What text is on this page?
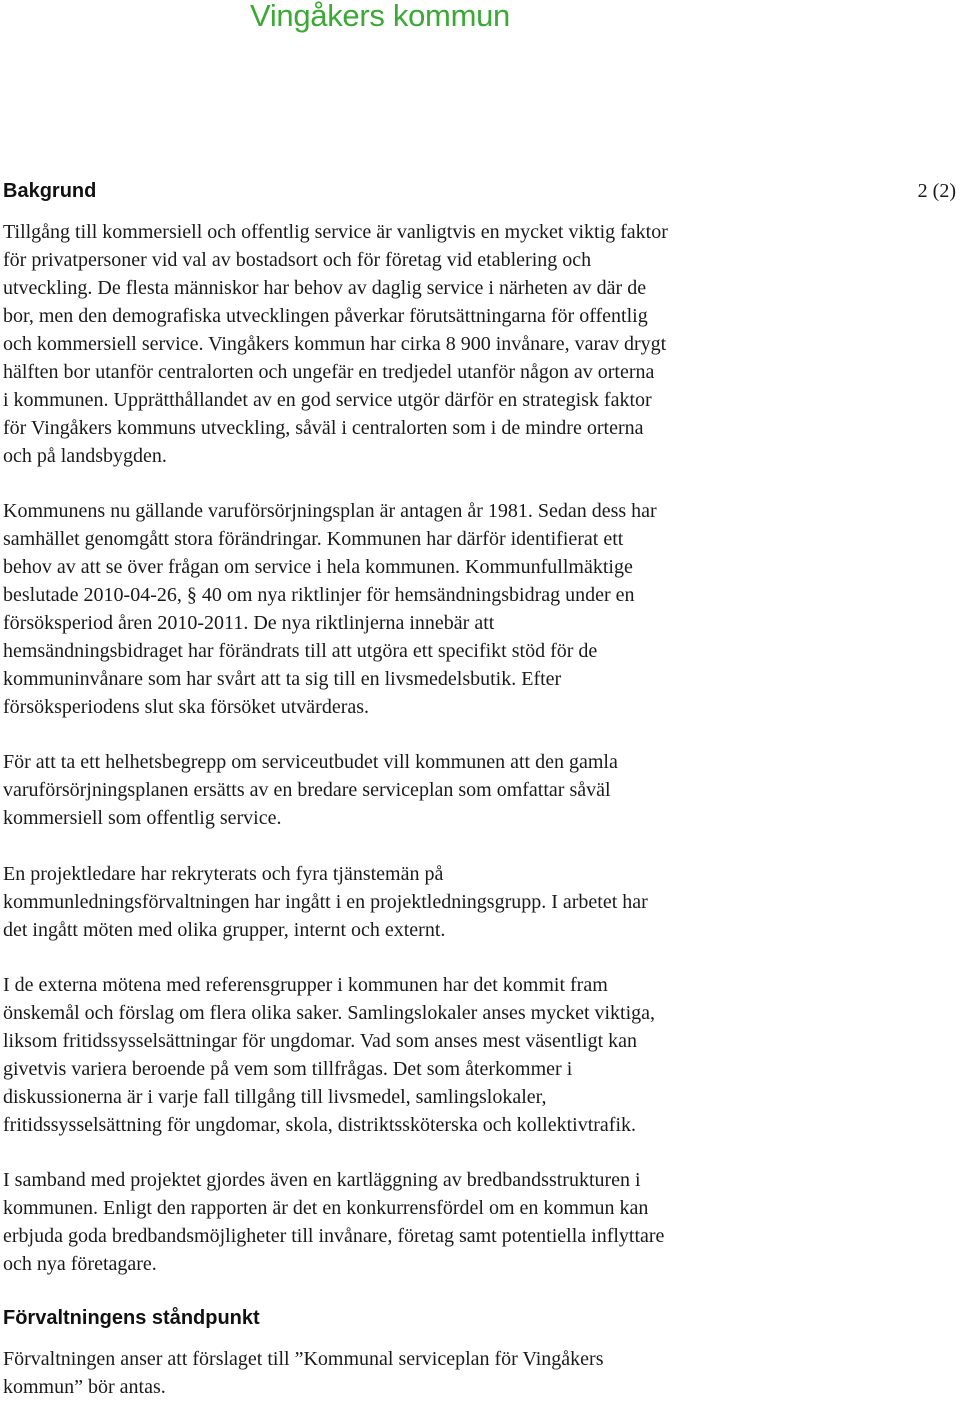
Vingåkers kommun
2 (2)
Bakgrund

Tillgång till kommersiell och offentlig service är vanligtvis en mycket viktig faktor
för privatpersoner vid val av bostadsort och för företag vid etablering och
utveckling. De flesta människor har behov av daglig service i närheten av där de
bor, men den demografiska utvecklingen påverkar förutsättningarna för offentlig
och kommersiell service. Vingåkers kommun har cirka 8 900 invånare, varav drygt
hälften bor utanför centralorten och ungefär en tredjedel utanför någon av orterna
i kommunen. Upprätthållandet av en god service utgör därför en strategisk faktor
för Vingåkers kommuns utveckling, såväl i centralorten som i de mindre orterna
och på landsbygden.

Kommunens nu gällande varuförsörjningsplan är antagen år 1981. Sedan dess har
samhället genomgått stora förändringar. Kommunen har därför identifierat ett
behov av att se över frågan om service i hela kommunen. Kommunfullmäktige
beslutade 2010-04-26, § 40 om nya riktlinjer för hemsändningsbidrag under en
försöksperiod åren 2010-2011. De nya riktlinjerna innebär att
hemsändningsbidraget har förändrats till att utgöra ett specifikt stöd för de
kommuninvånare som har svårt att ta sig till en livsmedelsbutik. Efter
försöksperiodens slut ska försöket utvärderas.

För att ta ett helhetsbegrepp om serviceutbudet vill kommunen att den gamla
varuförsörjningsplanen ersätts av en bredare serviceplan som omfattar såväl
kommersiell som offentlig service.

En projektledare har rekryterats och fyra tjänstemän på
kommunledningsförvaltningen har ingått i en projektledningsgrupp. I arbetet har
det ingått möten med olika grupper, internt och externt.

I de externa mötena med referensgrupper i kommunen har det kommit fram
önskemål och förslag om flera olika saker. Samlingslokaler anses mycket viktiga,
liksom fritidssysselsättningar för ungdomar. Vad som anses mest väsentligt kan
givetvis variera beroende på vem som tillfrågas. Det som återkommer i
diskussionerna är i varje fall tillgång till livsmedel, samlingslokaler,
fritidssysselsättning för ungdomar, skola, distriktssköterska och kollektivtrafik.

I samband med projektet gjordes även en kartläggning av bredbandsstrukturen i
kommunen. Enligt den rapporten är det en konkurrensfördel om en kommun kan
erbjuda goda bredbandsmöjligheter till invånare, företag samt potentiella inflyttare
och nya företagare.

Förvaltningens ståndpunkt

Förvaltningen anser att förslaget till ”Kommunal serviceplan för Vingåkers
kommun” bör antas.
